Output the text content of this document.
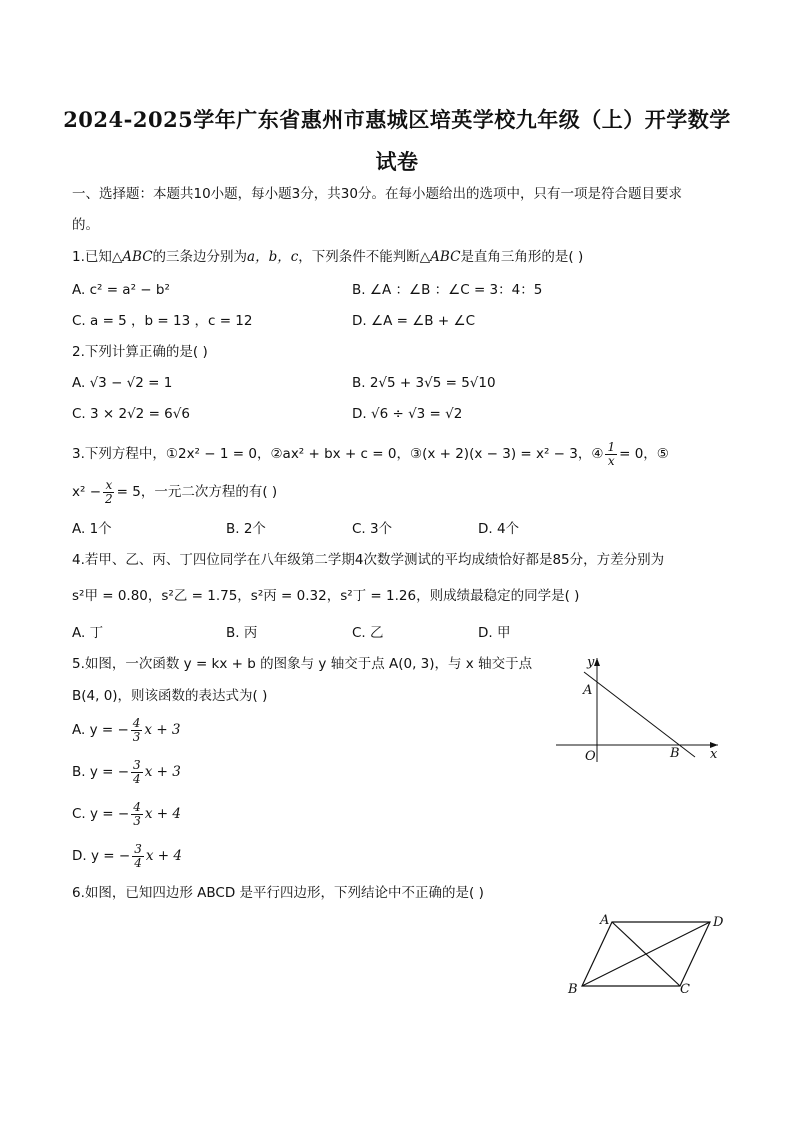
2024-2025学年广东省惠州市惠城区培英学校九年级（上）开学数学
试卷
一、选择题：本题共10小题，每小题3分，共30分。在每小题给出的选项中，只有一项是符合题目要求
的。
1.已知△ABC的三条边分别为a，b，c，下列条件不能判断△ABC是直角三角形的是( )
A. c² = a² − b²	B. ∠A ：∠B ：∠C = 3：4：5
C. a = 5 ，b = 13 ，c = 12	D. ∠A = ∠B + ∠C
2.下列计算正确的是( )
A. √3 − √2 = 1	B. 2√5 + 3√5 = 5√10
C. 3 × 2√2 = 6√6	D. √6 ÷ √3 = √2
3.下列方程中，①2x² − 1 = 0，②ax² + bx + c = 0，③(x + 2)(x − 3) = x² − 3，④ $\frac{1}{x} = 0$，⑤
$x^2 - \frac{x}{2} = 5$，一元二次方程的有( )
A. 1个	B. 2个	C. 3个	D. 4个
4.若甲、乙、丙、丁四位同学在八年级第二学期4次数学测试的平均成绩恰好都是85分，方差分别为
s²甲 = 0.80，s²乙 = 1.75，s²丙 = 0.32，s²丁 = 1.26，则成绩最稳定的同学是( )
A. 丁	B. 丙	C. 乙	D. 甲
5.如图，一次函数 y = kx + b 的图象与 y 轴交于点 A(0, 3)，与 x 轴交于点
B(4, 0)，则该函数的表达式为( )
A. y = − $\frac{4}{3}$ x + 3
B. y = − $\frac{3}{4}$ x + 3
C. y = − $\frac{4}{3}$ x + 4
D. y = − $\frac{3}{4}$ x + 4
y
x
A
O	B
6.如图，已知四边形 ABCD 是平行四边形，下列结论中不正确的是( )
A	D
B	C
